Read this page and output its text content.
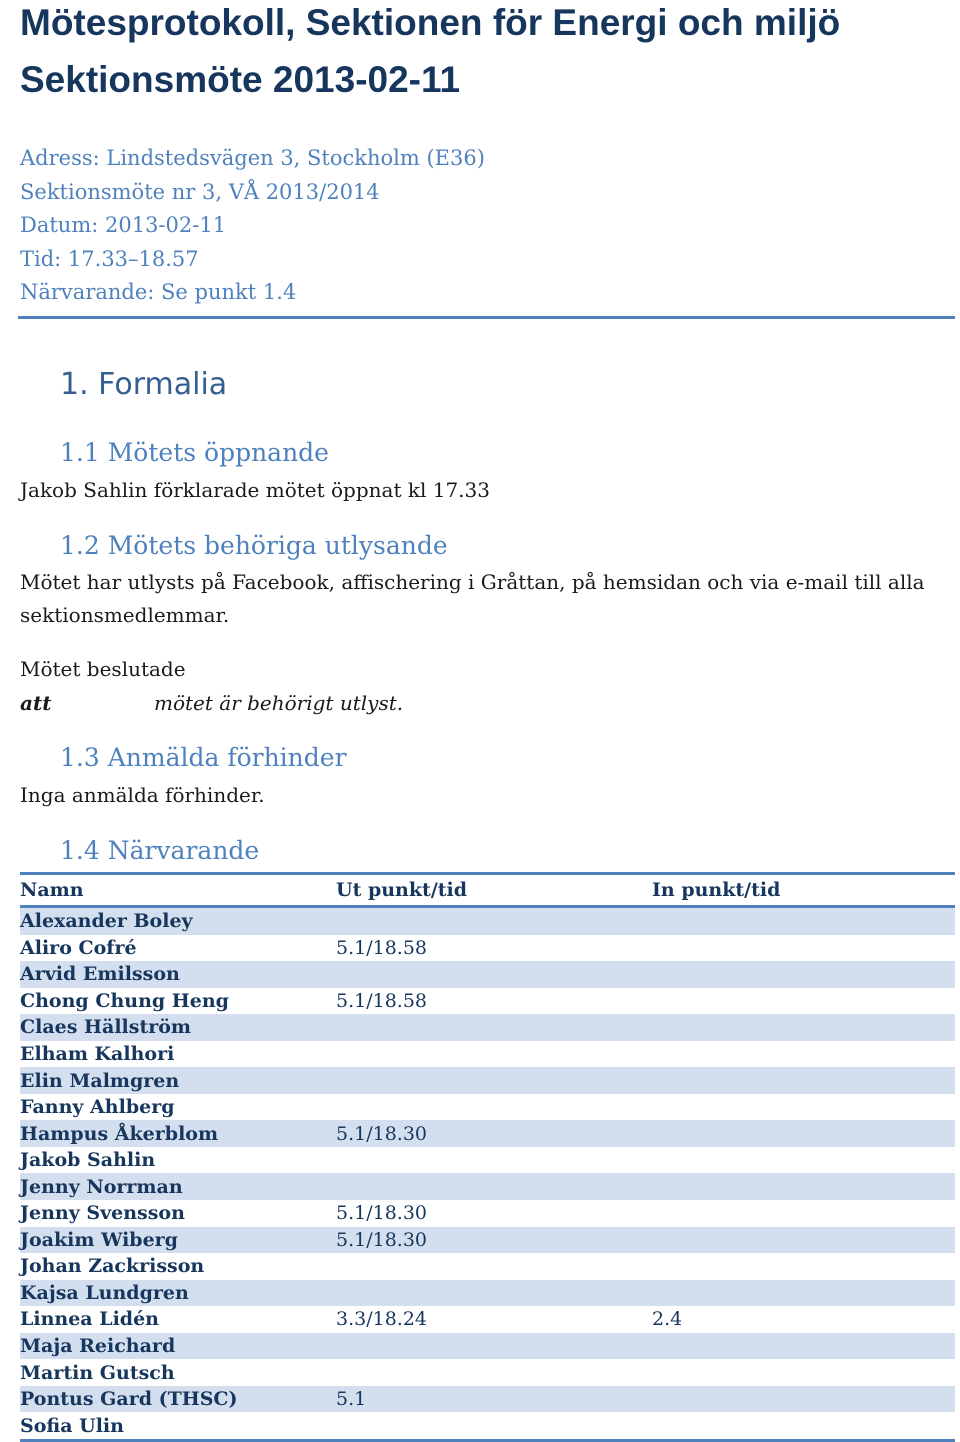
Mötesprotokoll, Sektionen för Energi och miljö
Sektionsmöte 2013-02-11
Adress: Lindstedsvägen 3, Stockholm (E36)
Sektionsmöte nr 3, VÅ 2013/2014
Datum: 2013-02-11
Tid: 17.33–18.57
Närvarande: Se punkt 1.4
1. Formalia
1.1 Mötets öppnande
Jakob Sahlin förklarade mötet öppnat kl 17.33
1.2 Mötets behöriga utlysande
Mötet har utlysts på Facebook, affischering i Gråttan, på hemsidan och via e-mail till alla
sektionsmedlemmar.
Mötet beslutade
att	mötet är behörigt utlyst.
1.3 Anmälda förhinder
Inga anmälda förhinder.
1.4 Närvarande
Namn	Ut punkt/tid	In punkt/tid
Alexander Boley		
Aliro Cofré	5.1/18.58	
Arvid Emilsson		
Chong Chung Heng	5.1/18.58	
Claes Hällström		
Elham Kalhori		
Elin Malmgren		
Fanny Ahlberg		
Hampus Åkerblom	5.1/18.30	
Jakob Sahlin		
Jenny Norrman		
Jenny Svensson	5.1/18.30	
Joakim Wiberg	5.1/18.30	
Johan Zackrisson		
Kajsa Lundgren		
Linnea Lidén	3.3/18.24	2.4
Maja Reichard		
Martin Gutsch		
Pontus Gard (THSC)	5.1	
Sofia Ulin		
